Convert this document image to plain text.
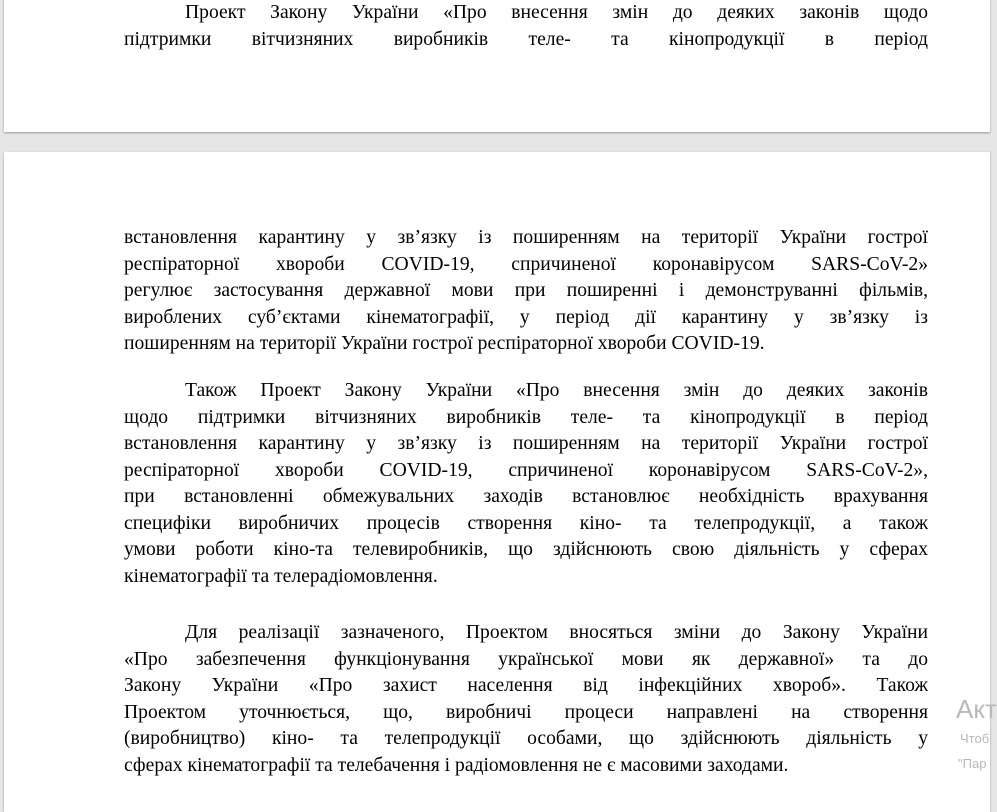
Проект Закону України «Про внесення змін до деяких законів щодо
підтримки вітчизняних виробників теле- та кінопродукції в період

встановлення карантину у зв’язку із поширенням на території України гострої
респіраторної хвороби COVID-19, спричиненої коронавірусом SARS-CoV-2»
регулює застосування державної мови при поширенні і демонструванні фільмів,
вироблених суб’єктами кінематографії, у період дії карантину у зв’язку із
поширенням на території України гострої респіраторної хвороби COVID-19.

Також Проект Закону України «Про внесення змін до деяких законів
щодо підтримки вітчизняних виробників теле- та кінопродукції в період
встановлення карантину у зв’язку із поширенням на території України гострої
респіраторної хвороби COVID-19, спричиненої коронавірусом SARS-CoV-2»,
при встановленні обмежувальних заходів встановлює необхідність врахування
специфіки виробничих процесів створення кіно- та телепродукції, а також
умови роботи кіно-та телевиробників, що здійснюють свою діяльність у сферах
кінематографії та телерадіомовлення.

Для реалізації зазначеного, Проектом вносяться зміни до Закону України
«Про забезпечення функціонування української мови як державної» та до
Закону України «Про захист населення від інфекційних хвороб». Також
Проектом уточнюється, що, виробничі процеси направлені на створення
(виробництво) кіно- та телепродукції особами, що здійснюють діяльність у
сферах кінематографії та телебачення і радіомовлення не є масовими заходами.

Акт
Чтоб
"Пар
